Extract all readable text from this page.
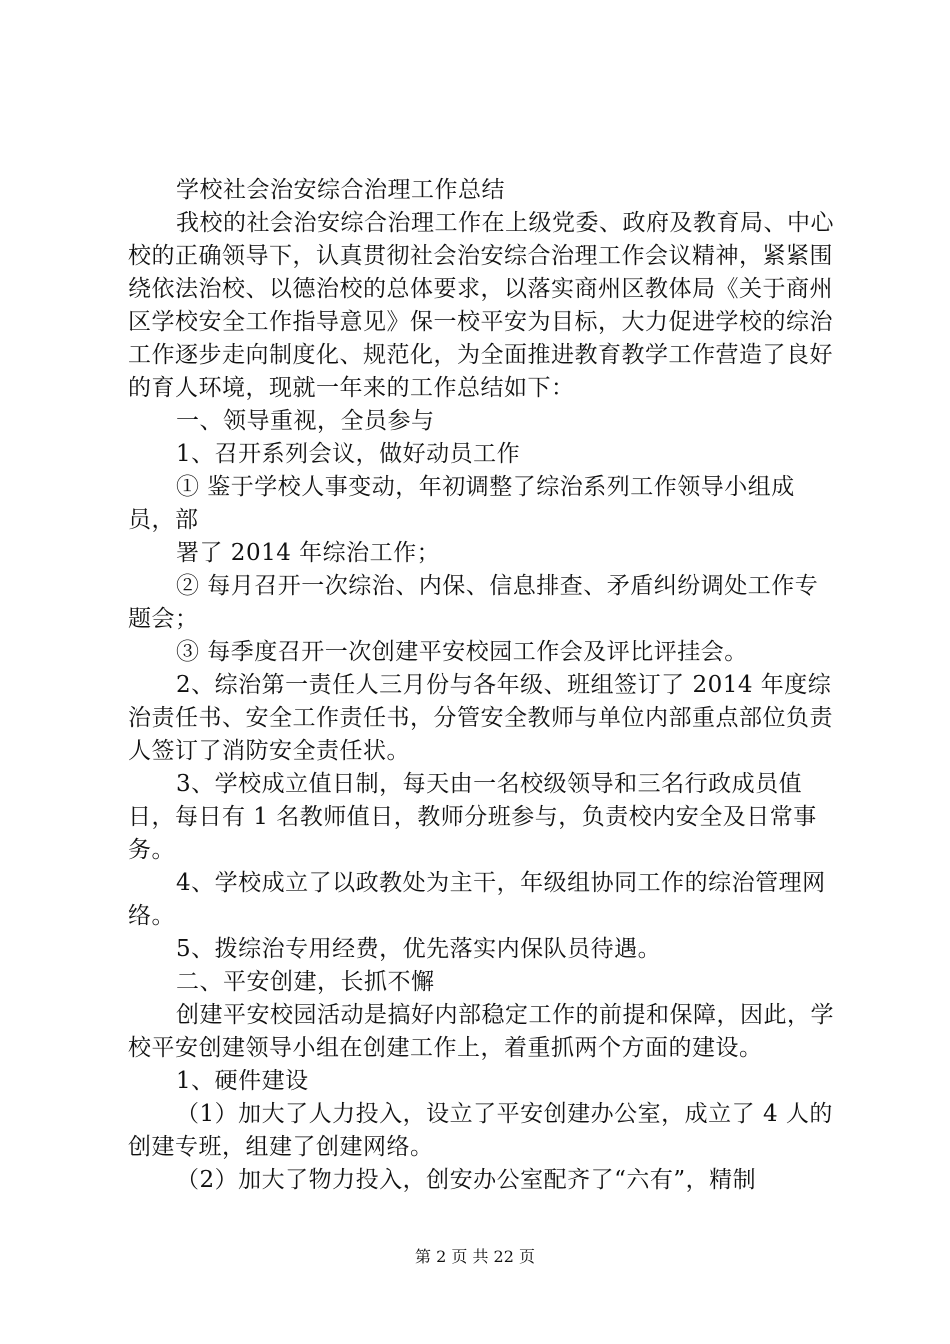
学校社会治安综合治理工作总结

我校的社会治安综合治理工作在上级党委、政府及教育局、中心校的正确领导下，认真贯彻社会治安综合治理工作会议精神，紧紧围绕依法治校、以德治校的总体要求，以落实商州区教体局《关于商州区学校安全工作指导意见》保一校平安为目标，大力促进学校的综治工作逐步走向制度化、规范化，为全面推进教育教学工作营造了良好的育人环境，现就一年来的工作总结如下：

一、领导重视，全员参与

1、召开系列会议，做好动员工作

① 鉴于学校人事变动，年初调整了综治系列工作领导小组成员，部

署了 2014 年综治工作；

② 每月召开一次综治、内保、信息排查、矛盾纠纷调处工作专题会；

③ 每季度召开一次创建平安校园工作会及评比评挂会。

2、综治第一责任人三月份与各年级、班组签订了 2014 年度综治责任书、安全工作责任书，分管安全教师与单位内部重点部位负责人签订了消防安全责任状。

3、学校成立值日制，每天由一名校级领导和三名行政成员值日，每日有 1 名教师值日，教师分班参与，负责校内安全及日常事务。

4、学校成立了以政教处为主干，年级组协同工作的综治管理网络。

5、拨综治专用经费，优先落实内保队员待遇。

二、平安创建，长抓不懈

创建平安校园活动是搞好内部稳定工作的前提和保障，因此，学校平安创建领导小组在创建工作上，着重抓两个方面的建设。

1、硬件建设

（1）加大了人力投入，设立了平安创建办公室，成立了 4 人的创建专班，组建了创建网络。

（2）加大了物力投入，创安办公室配齐了“六有”，精制

第 2 页 共 22 页
